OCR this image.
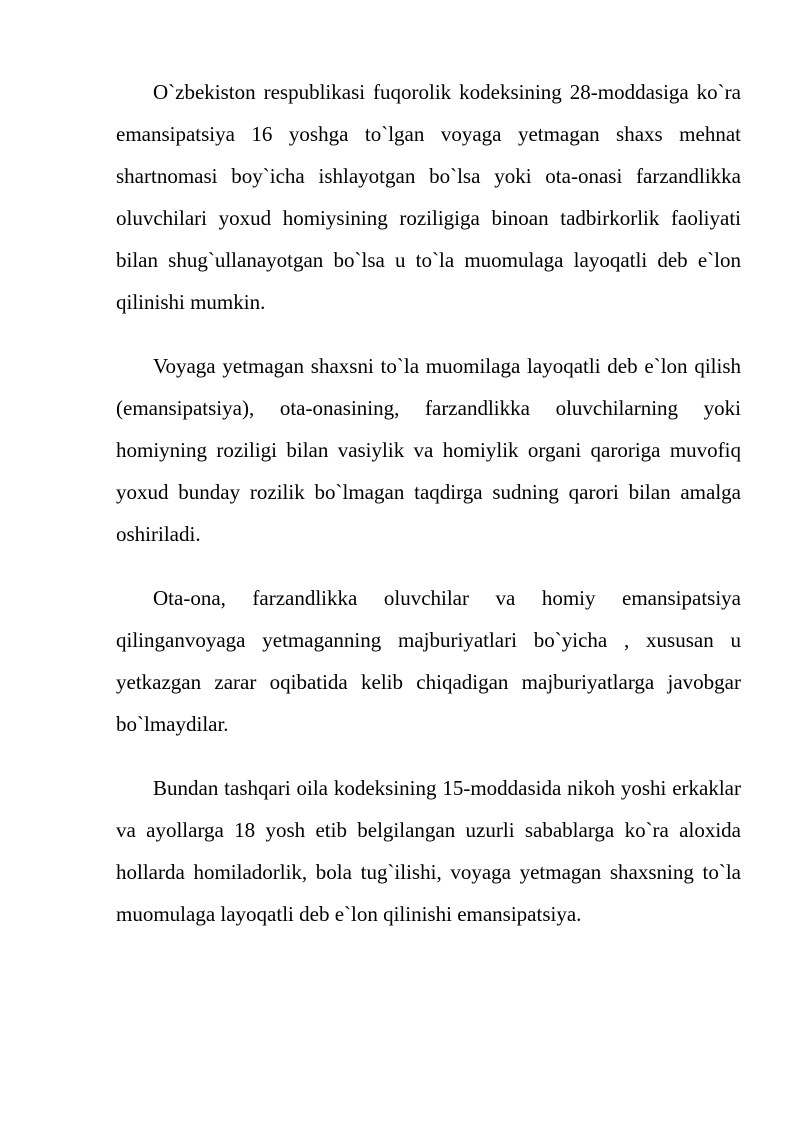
O`zbekiston respublikasi fuqorolik kodeksining 28-moddasiga ko`ra emansipatsiya 16 yoshga to`lgan voyaga yetmagan shaxs mehnat shartnomasi boy`icha ishlayotgan bo`lsa yoki ota-onasi farzandlikka oluvchilari yoxud homiysining roziligiga binoan tadbirkorlik faoliyati bilan shug`ullanayotgan bo`lsa u to`la muomulaga layoqatli deb e`lon qilinishi mumkin.

Voyaga yetmagan shaxsni to`la muomilaga layoqatli deb e`lon qilish (emansipatsiya), ota-onasining, farzandlikka oluvchilarning yoki homiyning roziligi bilan vasiylik va homiylik organi qaroriga muvofiq yoxud bunday rozilik bo`lmagan taqdirga sudning qarori bilan amalga oshiriladi.

Ota-ona, farzandlikka oluvchilar va homiy emansipatsiya qilinganvoyaga yetmaganning majburiyatlari bo`yicha , xususan u yetkazgan zarar oqibatida kelib chiqadigan majburiyatlarga javobgar bo`lmaydilar.

Bundan tashqari oila kodeksining 15-moddasida nikoh yoshi erkaklar va ayollarga 18 yosh etib belgilangan uzurli sabablarga ko`ra aloxida hollarda homiladorlik, bola tug`ilishi, voyaga yetmagan shaxsning to`la muomulaga layoqatli deb e`lon qilinishi emansipatsiya.
